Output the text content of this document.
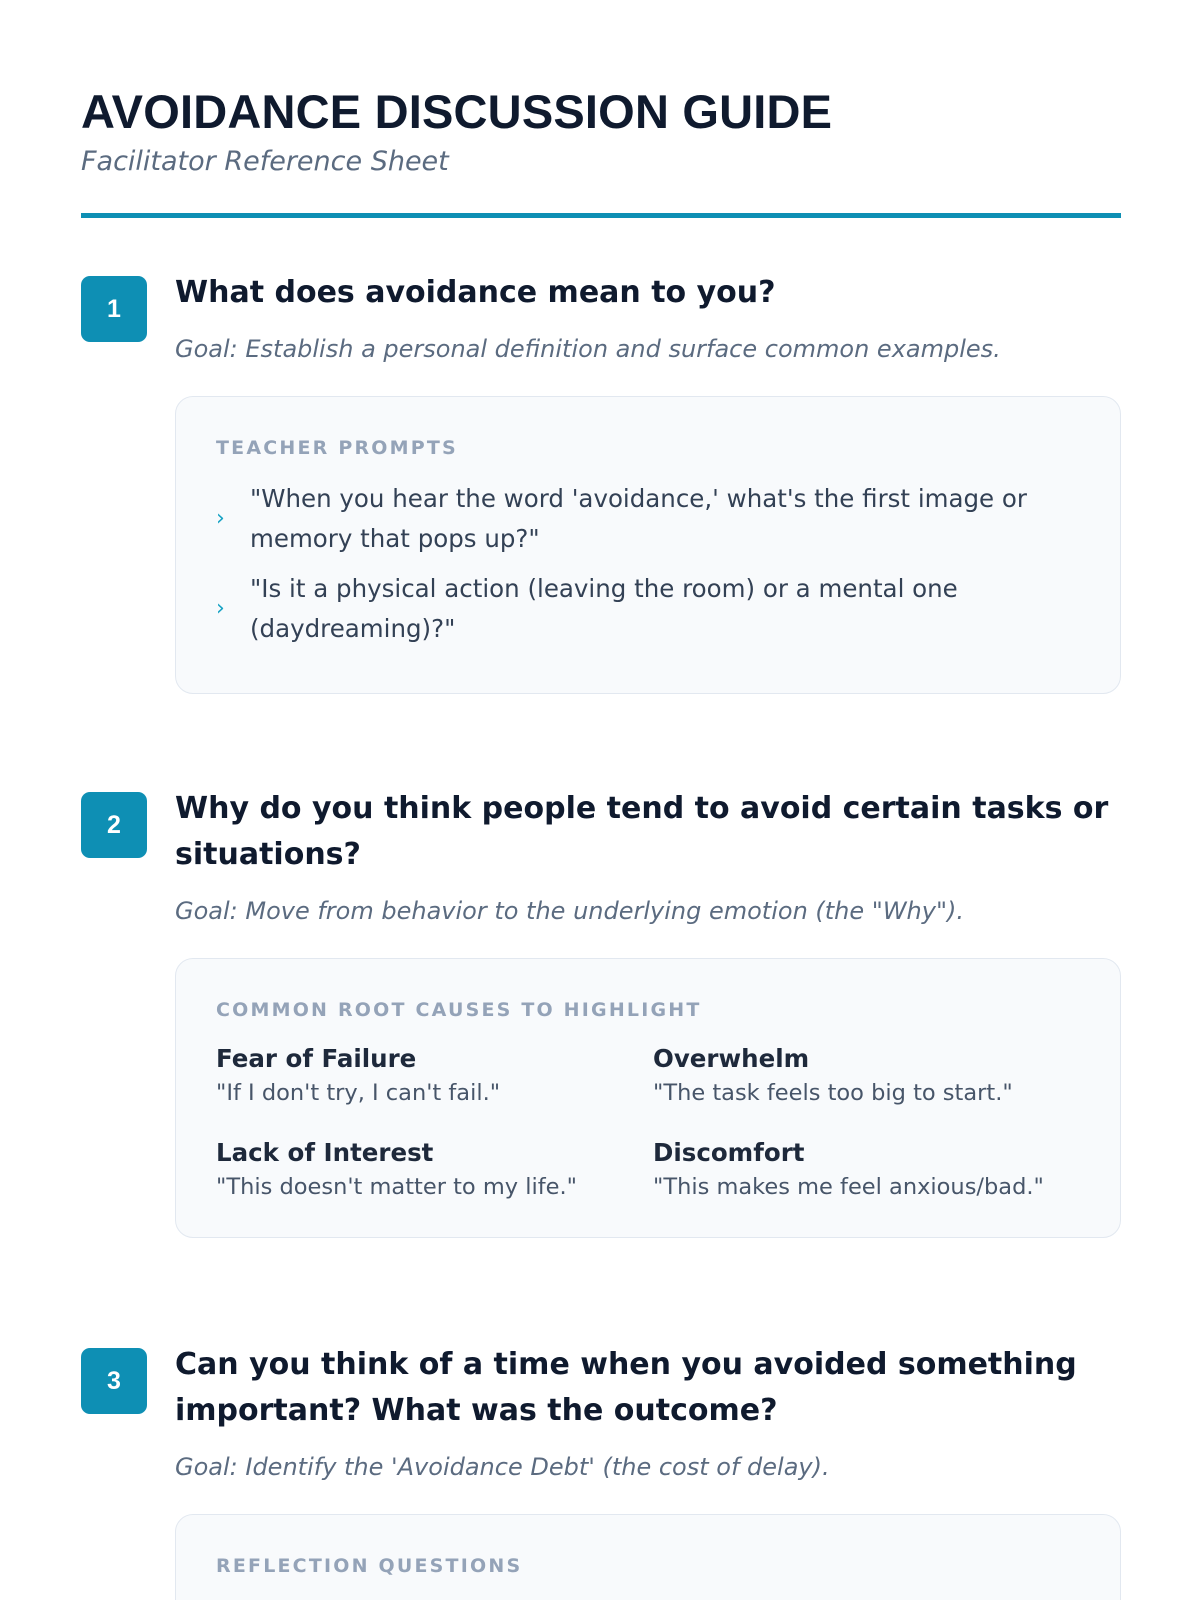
AVOIDANCE DISCUSSION GUIDE
Facilitator Reference Sheet
1	What does avoidance mean to you?

Goal: Establish a personal definition and surface common examples.

TEACHER PROMPTS
›
"When you hear the word 'avoidance,' what's the first image or memory that pops up?"
›
"Is it a physical action (leaving the room) or a mental one (daydreaming)?"
2	Why do you think people tend to avoid certain tasks or situations?

Goal: Move from behavior to the underlying emotion (the "Why").

COMMON ROOT CAUSES TO HIGHLIGHT
Fear of Failure
"If I don't try, I can't fail."
Overwhelm
"The task feels too big to start."
Lack of Interest
"This doesn't matter to my life."
Discomfort
"This makes me feel anxious/bad."
3	Can you think of a time when you avoided something important? What was the outcome?

Goal: Identify the 'Avoidance Debt' (the cost of delay).

REFLECTION QUESTIONS
